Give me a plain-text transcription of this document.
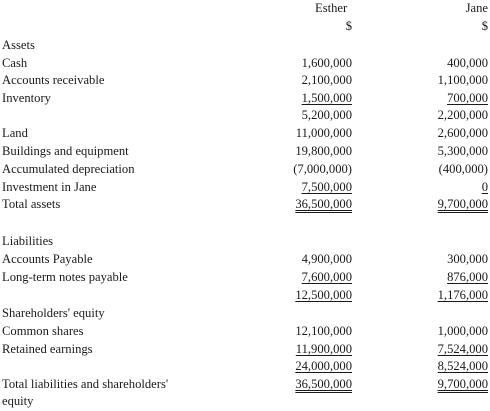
Esther	Jane
$	$
Assets
Cash	1,600,000	400,000
Accounts receivable	2,100,000	1,100,000
Inventory	1,500,000	700,000
5,200,000	2,200,000
Land	11,000,000	2,600,000
Buildings and equipment	19,800,000	5,300,000
Accumulated depreciation	(7,000,000)	(400,000)
Investment in Jane	7,500,000	0
Total assets	36,500,000	9,700,000
Liabilities
Accounts Payable	4,900,000	300,000
Long-term notes payable	7,600,000	876,000
12,500,000	1,176,000
Shareholders' equity
Common shares	12,100,000	1,000,000
Retained earnings	11,900,000	7,524,000
24,000,000	8,524,000
Total liabilities and shareholders'
equity
36,500,000	9,700,000
